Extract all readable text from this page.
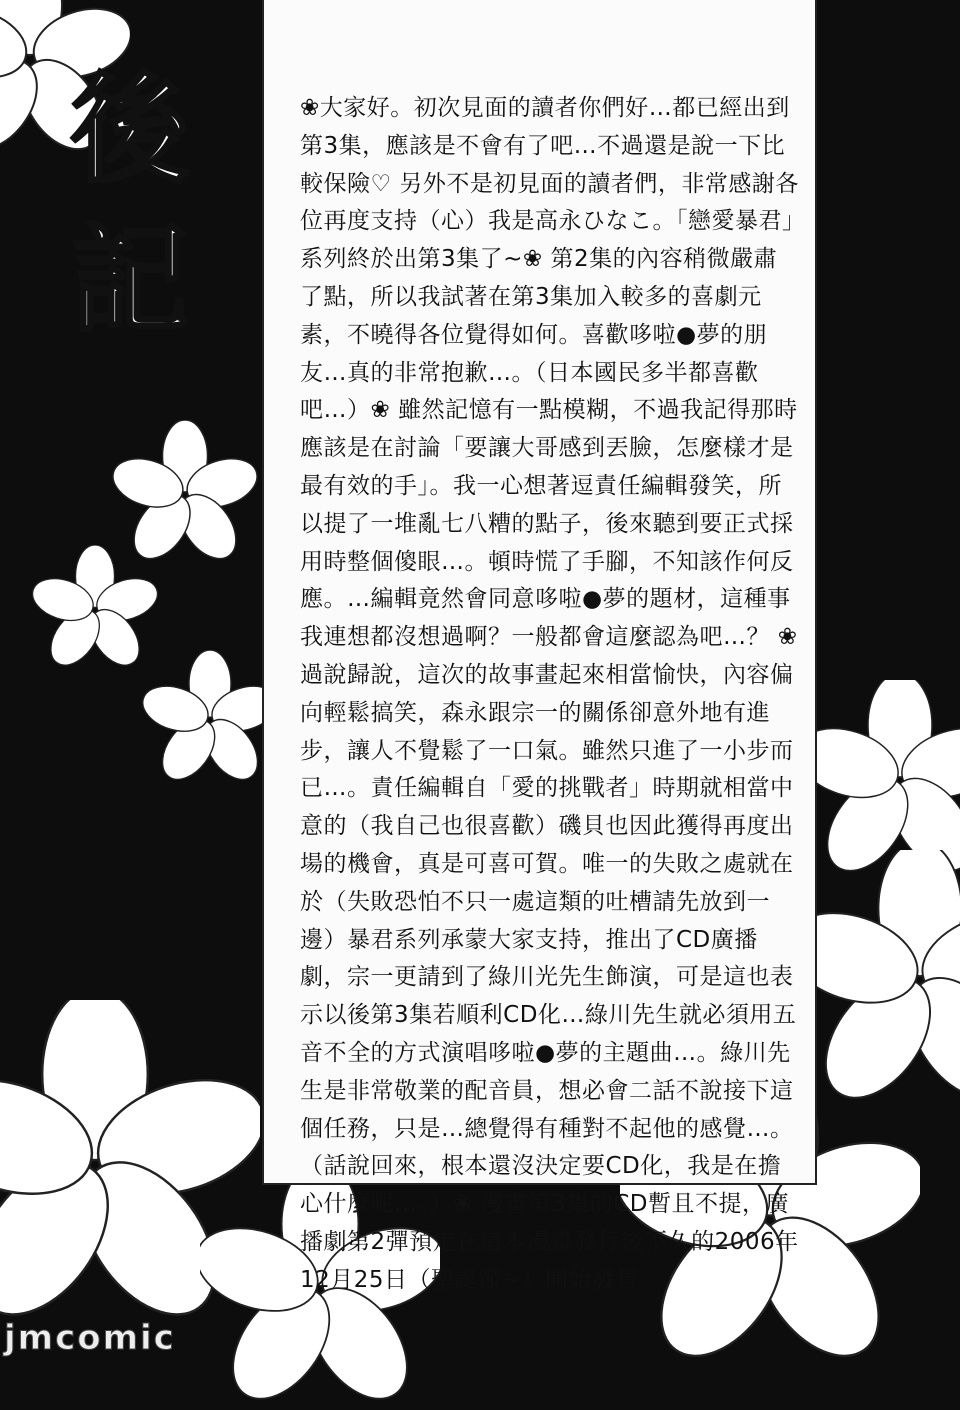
後
記
❀大家好。初次見面的讀者你們好…都已經出到第3集，應該是不會有了吧…不過還是說一下比較保險♡ 另外不是初見面的讀者們，非常感謝各位再度支持（心）我是高永ひなこ。「戀愛暴君」系列終於出第3集了~❀ 第2集的內容稍微嚴肅了點，所以我試著在第3集加入較多的喜劇元素，不曉得各位覺得如何。喜歡哆啦●夢的朋友…真的非常抱歉…。（日本國民多半都喜歡吧…）❀ 雖然記憶有一點模糊，不過我記得那時應該是在討論「要讓大哥感到丟臉，怎麼樣才是最有效的手」。我一心想著逗責任編輯發笑，所以提了一堆亂七八糟的點子，後來聽到要正式採用時整個傻眼…。頓時慌了手腳，不知該作何反應。…編輯竟然會同意哆啦●夢的題材，這種事我連想都沒想過啊？一般都會這麼認為吧…？ ❀過說歸說，這次的故事畫起來相當愉快，內容偏向輕鬆搞笑，森永跟宗一的關係卻意外地有進步，讓人不覺鬆了一口氣。雖然只進了一小步而已…。責任編輯自「愛的挑戰者」時期就相當中意的（我自己也很喜歡）磯貝也因此獲得再度出場的機會，真是可喜可賀。唯一的失敗之處就在於（失敗恐怕不只一處這類的吐槽請先放到一邊）暴君系列承蒙大家支持，推出了CD廣播劇，宗一更請到了綠川光先生飾演，可是這也表示以後第3集若順利CD化…綠川先生就必須用五音不全的方式演唱哆啦●夢的主題曲…。綠川先生是非常敬業的配音員，想必會二話不說接下這個任務，只是…總覺得有種對不起他的感覺…。（話說回來，根本還沒決定要CD化，我是在擔心什麼呢…。）❀ 漫畫第3集的CD暫且不提，廣播劇第2彈預定在這本漫畫發行後不久的2006年12月25日（聖誕節~）開始發售。
jmcomic
